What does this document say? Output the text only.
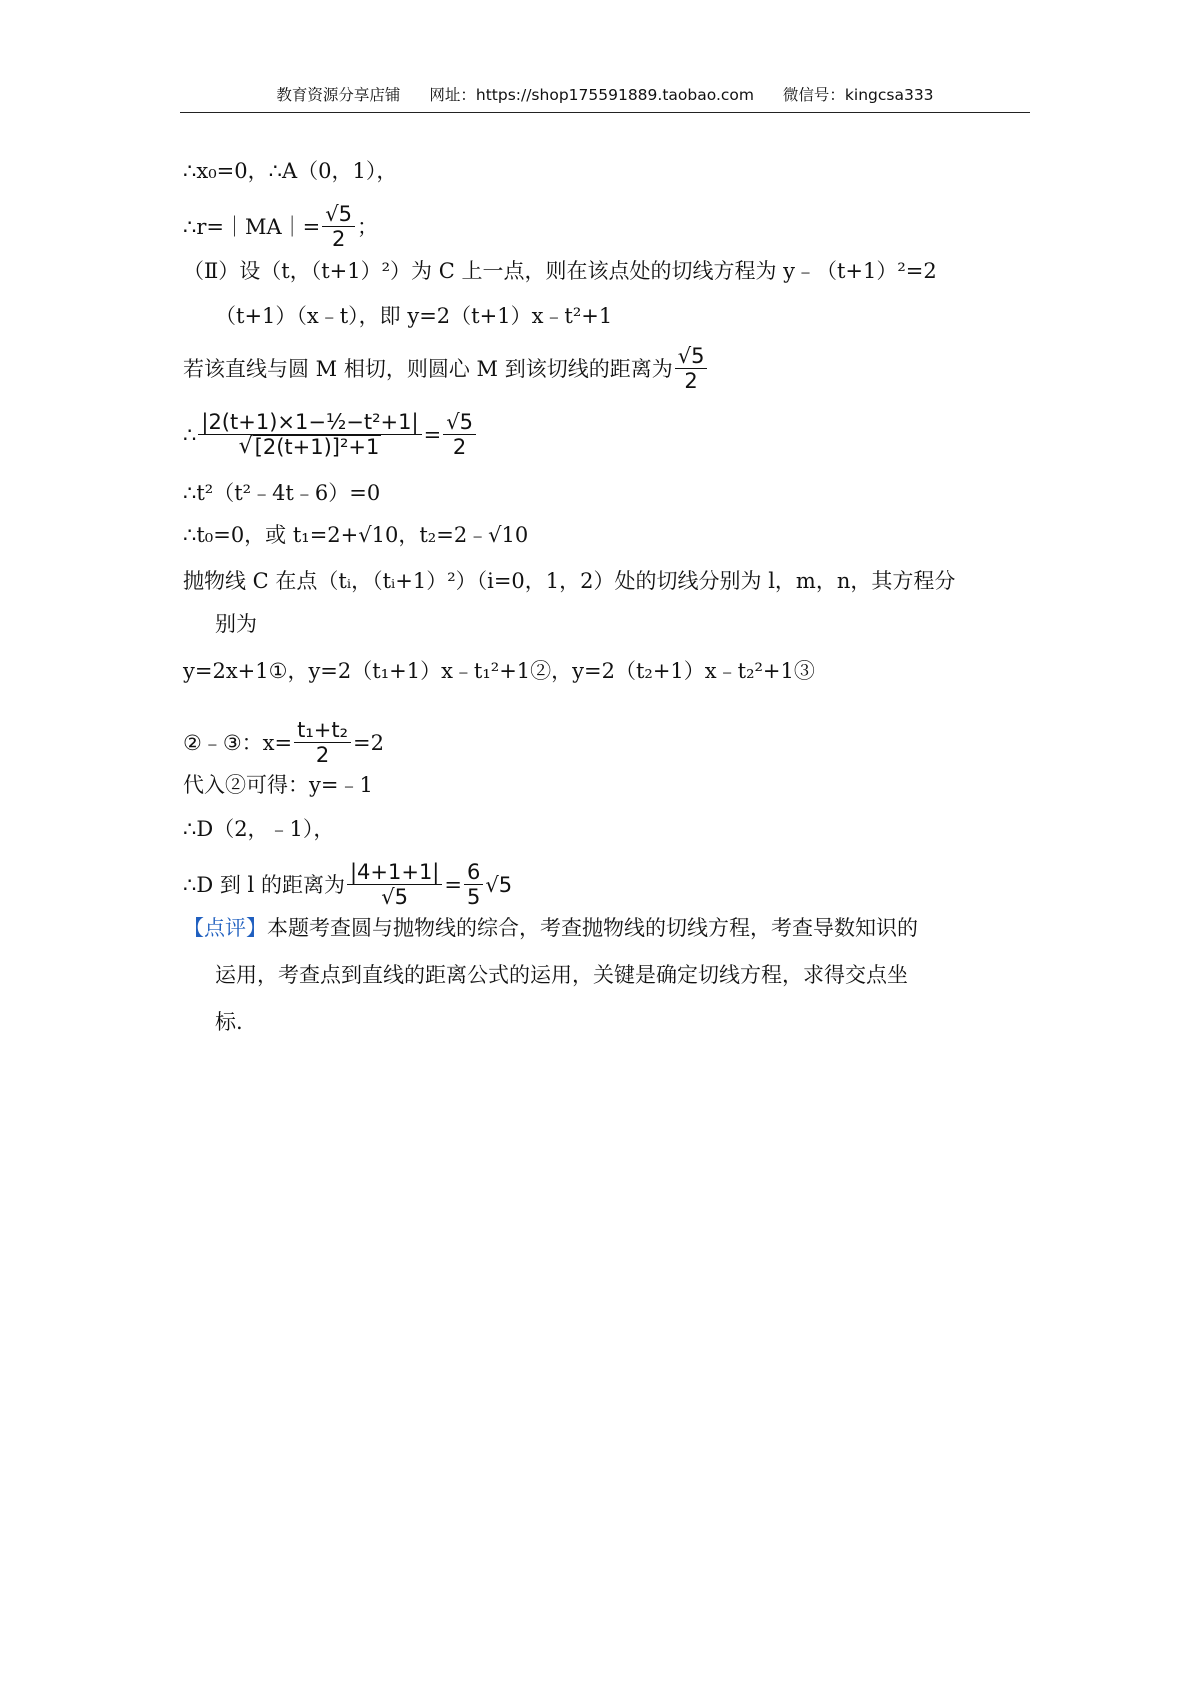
教育资源分享店铺 网址：https://shop175591889.taobao.com 微信号：kingcsa333
∴x₀=0，∴A（0，1），
∴r=｜MA｜= $\frac{√5}{2}$ ；
（Ⅱ）设（t，（t+1）²）为 C 上一点，则在该点处的切线方程为 y﹣（t+1）²=2
（t+1）（x﹣t），即 y=2（t+1）x﹣t²+1
若该直线与圆 M 相切，则圆心 M 到该切线的距离为 $\frac{√5}{2}$
∴ $\frac{\text{|2(t+1)×1−½−t²+1|}}{\text{√ [2(t+1)]²+1}} = \frac{√5}{2}$
∴t²（t²﹣4t﹣6）=0
∴t₀=0，或 t₁=2+√10，t₂=2﹣√10
抛物线 C 在点（tᵢ，（tᵢ+1）²）（i=0，1，2）处的切线分别为 l，m，n，其方程分
别为
y=2x+1①，y=2（t₁+1）x﹣t₁²+1②，y=2（t₂+1）x﹣t₂²+1③
②﹣③：$x= \frac{\text{t₁+t₂}}{2} =2$
代入②可得：y=﹣1
∴D（2，﹣1），
∴D 到 l 的距离为 $\frac{|4+1+1|}{√5} = \frac{6}{5} √5$
【点评】 本题考查圆与抛物线的综合，考查抛物线的切线方程，考查导数知识的
运用，考查点到直线的距离公式的运用，关键是确定切线方程，求得交点坐
标.
